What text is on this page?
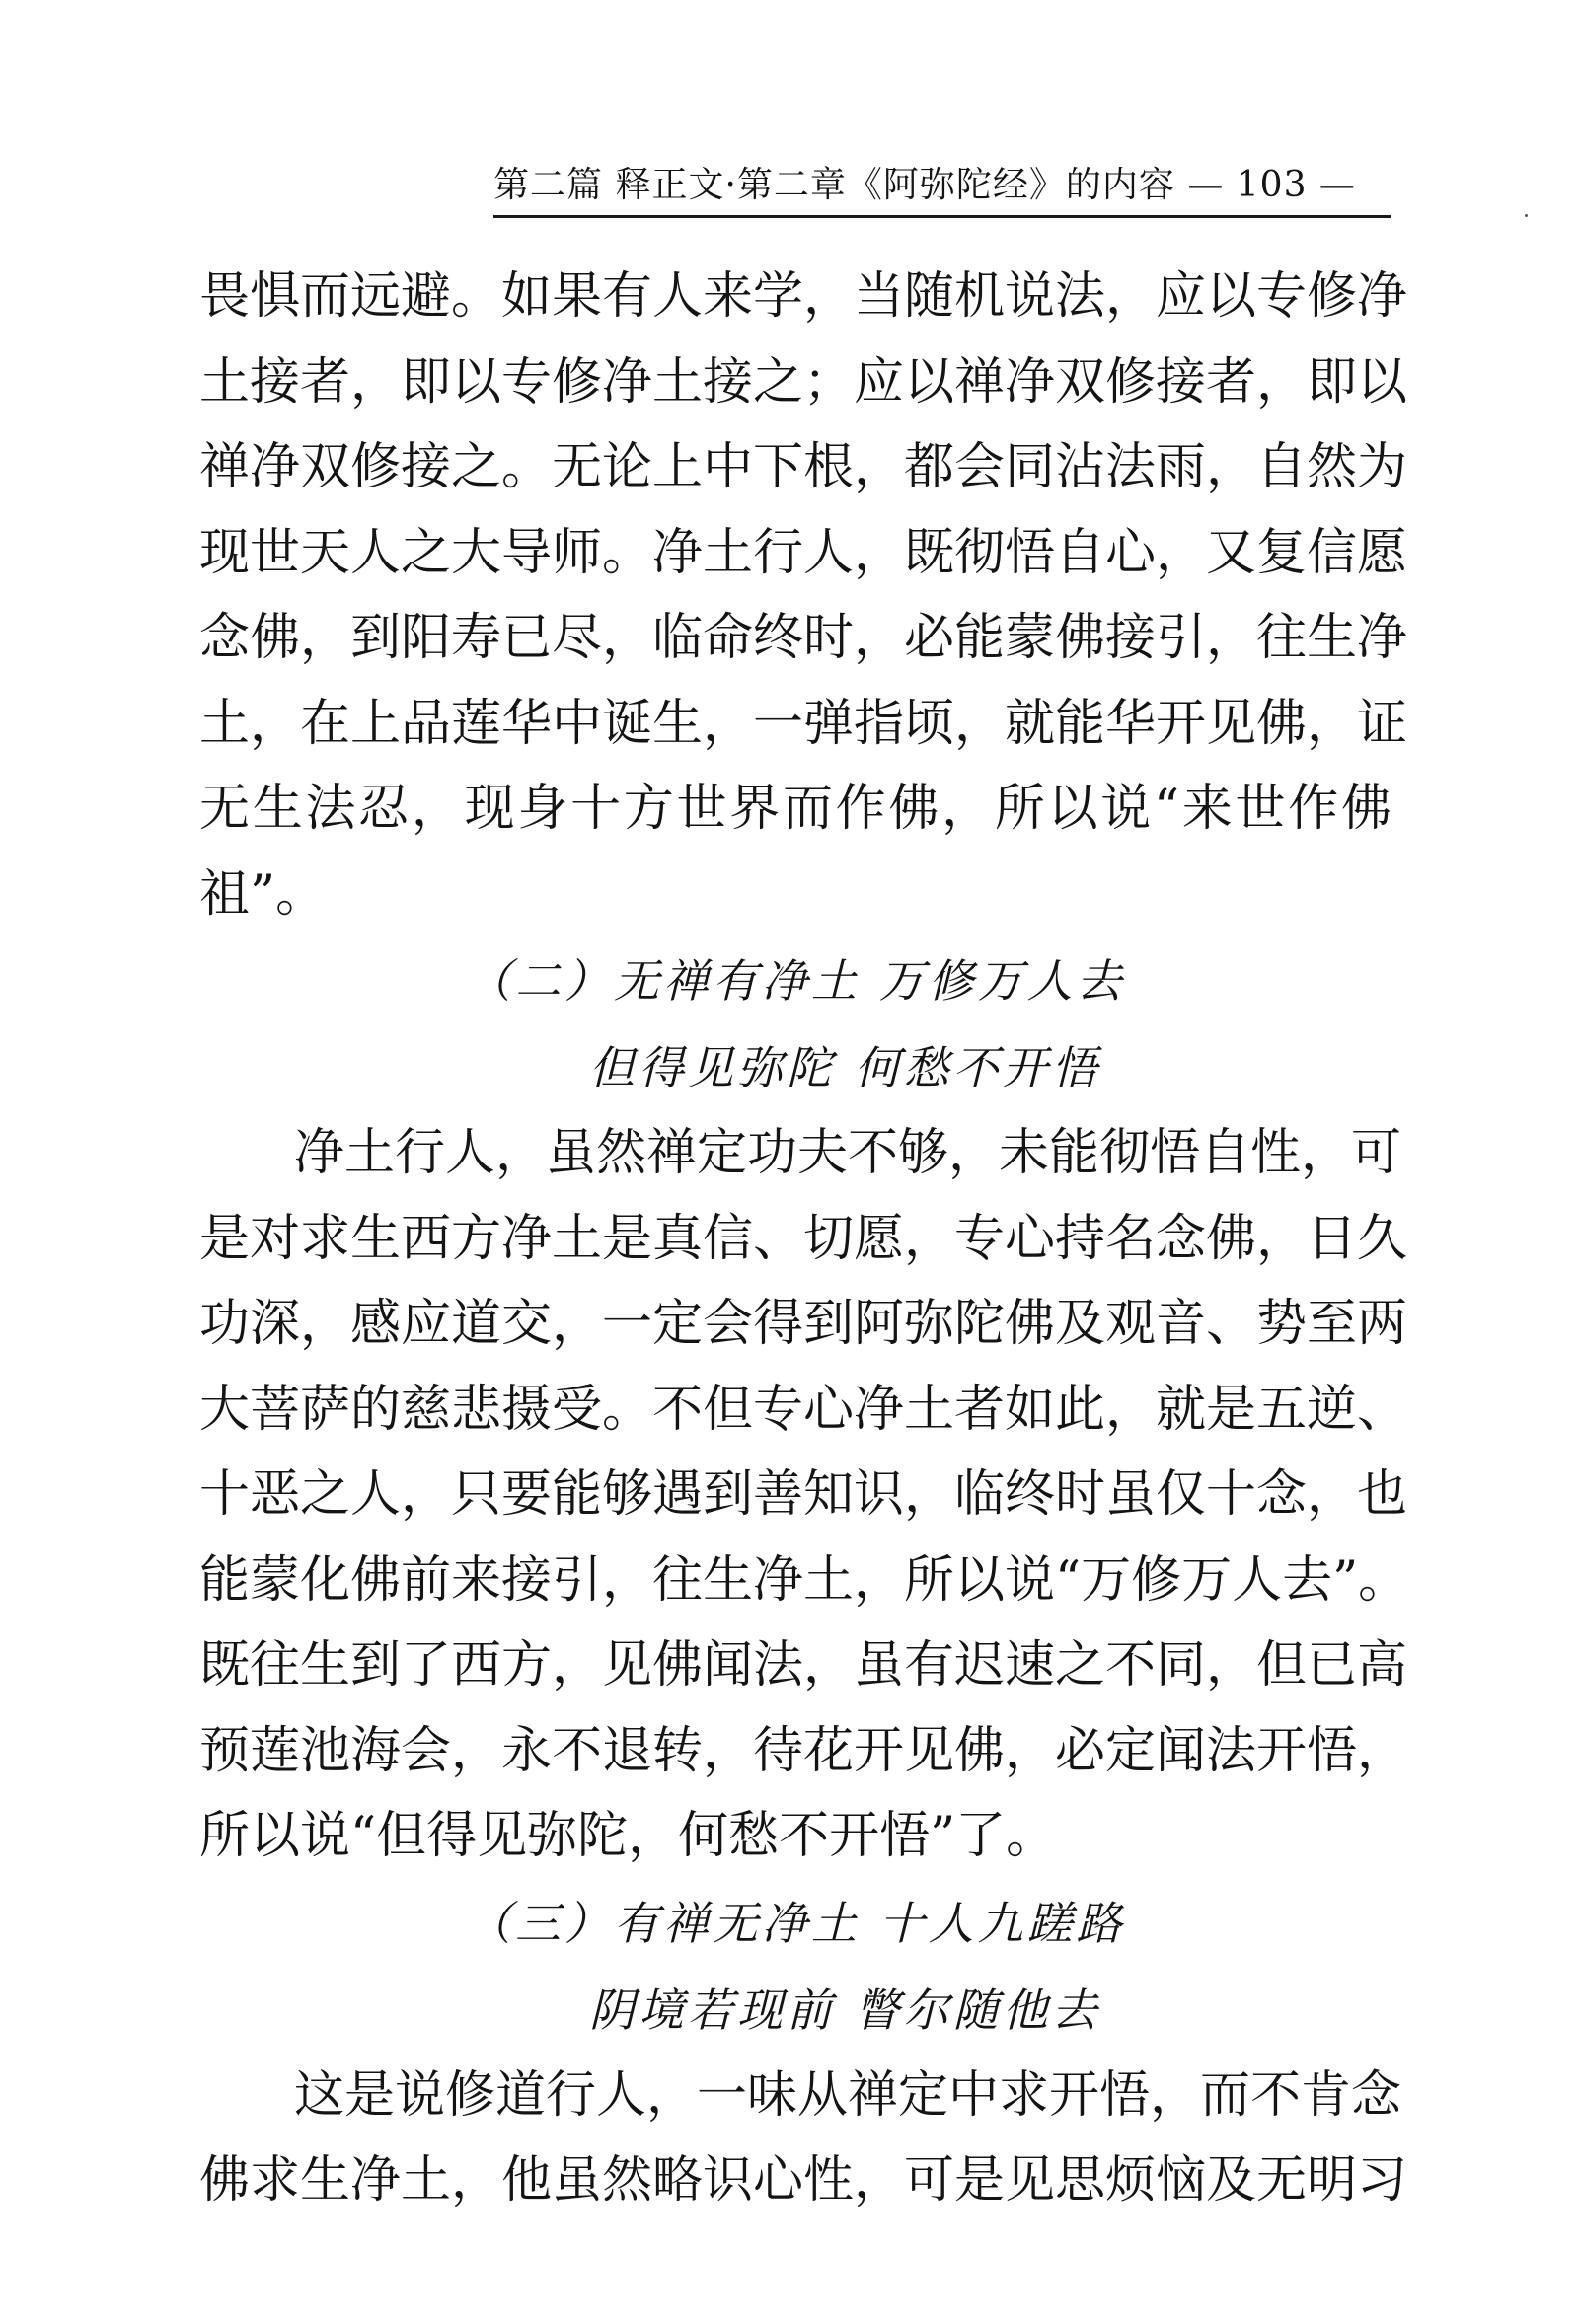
第二篇 释正文·第二章《阿弥陀经》的内容 — 103 —
畏惧而远避。如果有人来学，当随机说法，应以专修净
土接者，即以专修净土接之；应以禅净双修接者，即以
禅净双修接之。无论上中下根，都会同沾法雨，自然为
现世天人之大导师。净土行人，既彻悟自心，又复信愿
念佛，到阳寿已尽，临命终时，必能蒙佛接引，往生净
土，在上品莲华中诞生，一弹指顷，就能华开见佛，证
无生法忍，现身十方世界而作佛，所以说“来世作佛
祖”。
（二）无禅有净土 万修万人去
但得见弥陀 何愁不开悟
净土行人，虽然禅定功夫不够，未能彻悟自性，可
是对求生西方净土是真信、切愿，专心持名念佛，日久
功深，感应道交，一定会得到阿弥陀佛及观音、势至两
大菩萨的慈悲摄受。不但专心净土者如此，就是五逆、
十恶之人，只要能够遇到善知识，临终时虽仅十念，也
能蒙化佛前来接引，往生净土，所以说“万修万人去”。
既往生到了西方，见佛闻法，虽有迟速之不同，但已高
预莲池海会，永不退转，待花开见佛，必定闻法开悟，
所以说“但得见弥陀，何愁不开悟”了。
（三）有禅无净土 十人九蹉路
阴境若现前 瞥尔随他去
这是说修道行人，一味从禅定中求开悟，而不肯念
佛求生净土，他虽然略识心性，可是见思烦恼及无明习
